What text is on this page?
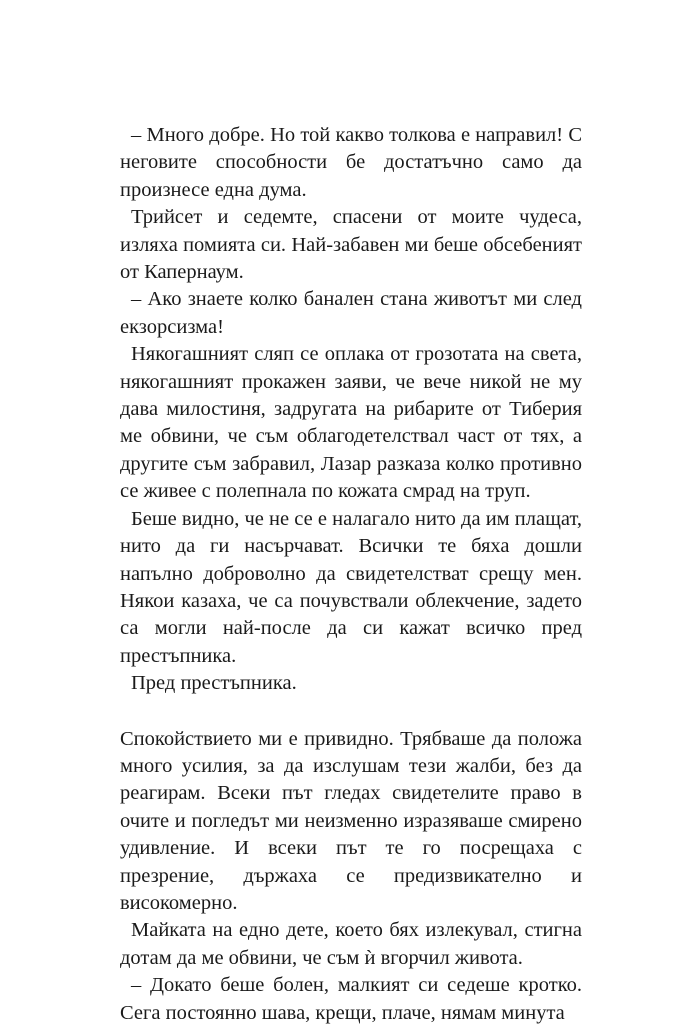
– Много добре. Но той какво толкова е направил! С неговите способности бе достатъчно само да произнесе една дума.

Трийсет и седемте, спасени от моите чудеса, изляха помията си. Най-забавен ми беше обсебеният от Капернаум.

– Ако знаете колко банален стана животът ми след екзорсизма!

Някогашният сляп се оплака от грозотата на света, някогашният прокажен заяви, че вече никой не му дава милостиня, задругата на рибарите от Тиберия ме обвини, че съм облагодетелствал част от тях, а другите съм забравил, Лазар разказа колко противно се живее с полепнала по кожата смрад на труп.

Беше видно, че не се е налагало нито да им плащат, нито да ги насърчават. Всички те бяха дошли напълно доброволно да свидетелстват срещу мен. Някои казаха, че са почувствали облекчение, задето са могли най-после да си кажат всичко пред престъпника.

Пред престъпника.

Спокойствието ми е привидно. Трябваше да положа много усилия, за да изслушам тези жалби, без да реагирам. Всеки път гледах свидетелите право в очите и погледът ми неизменно изразяваше смирено удивление. И всеки път те го посрещаха с презрение, държаха се предизвикателно и високомерно.

Майката на едно дете, което бях излекувал, стигна дотам да ме обвини, че съм ѝ вгорчил живота.

– Докато беше болен, малкият си седеше кротко. Сега постоянно шава, крещи, плаче, нямам минута
